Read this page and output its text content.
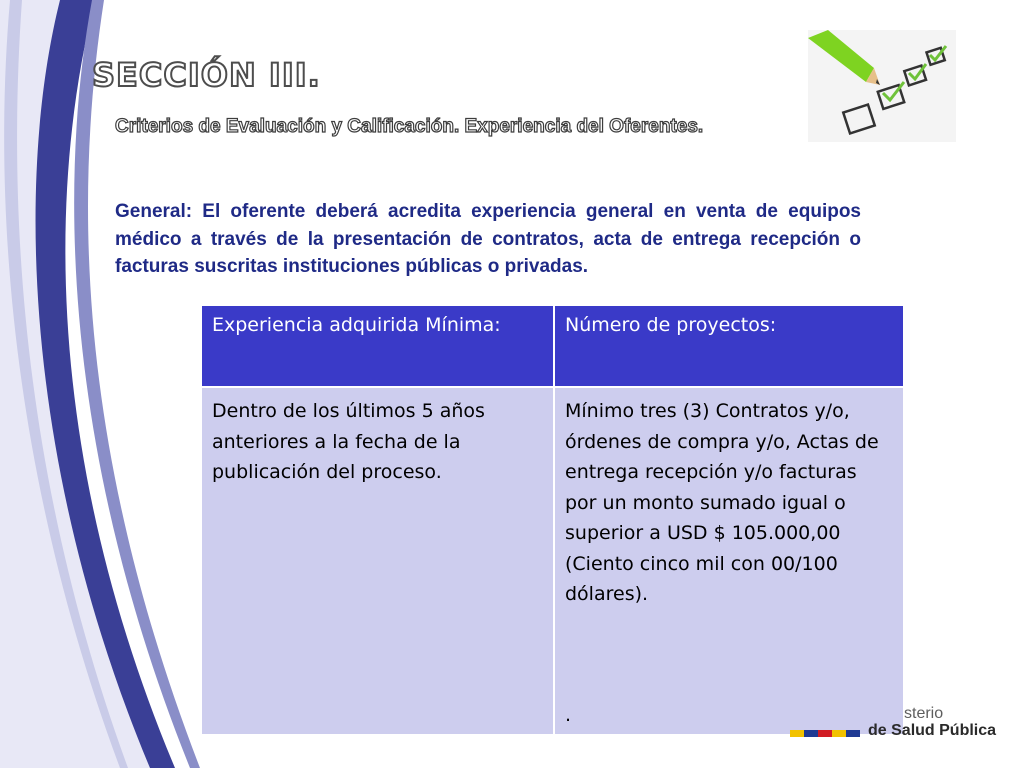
SECCIÓN III.

Criterios de Evaluación y Calificación. Experiencia del Oferentes.

General: El oferente deberá acredita experiencia general en venta de equipos médico a través de la presentación de contratos, acta de entrega recepción o facturas suscritas instituciones públicas o privadas.

Experiencia adquirida Mínima:	Número de proyectos:
Dentro de los últimos 5 años anteriores a la fecha de la publicación del proceso.	Mínimo tres (3) Contratos y/o, órdenes de compra y/o, Actas de entrega recepción y/o facturas por un monto sumado igual o superior a USD $ 105.000,00 (Ciento cinco mil con 00/100 dólares).
.	sterio
de Salud Pública
